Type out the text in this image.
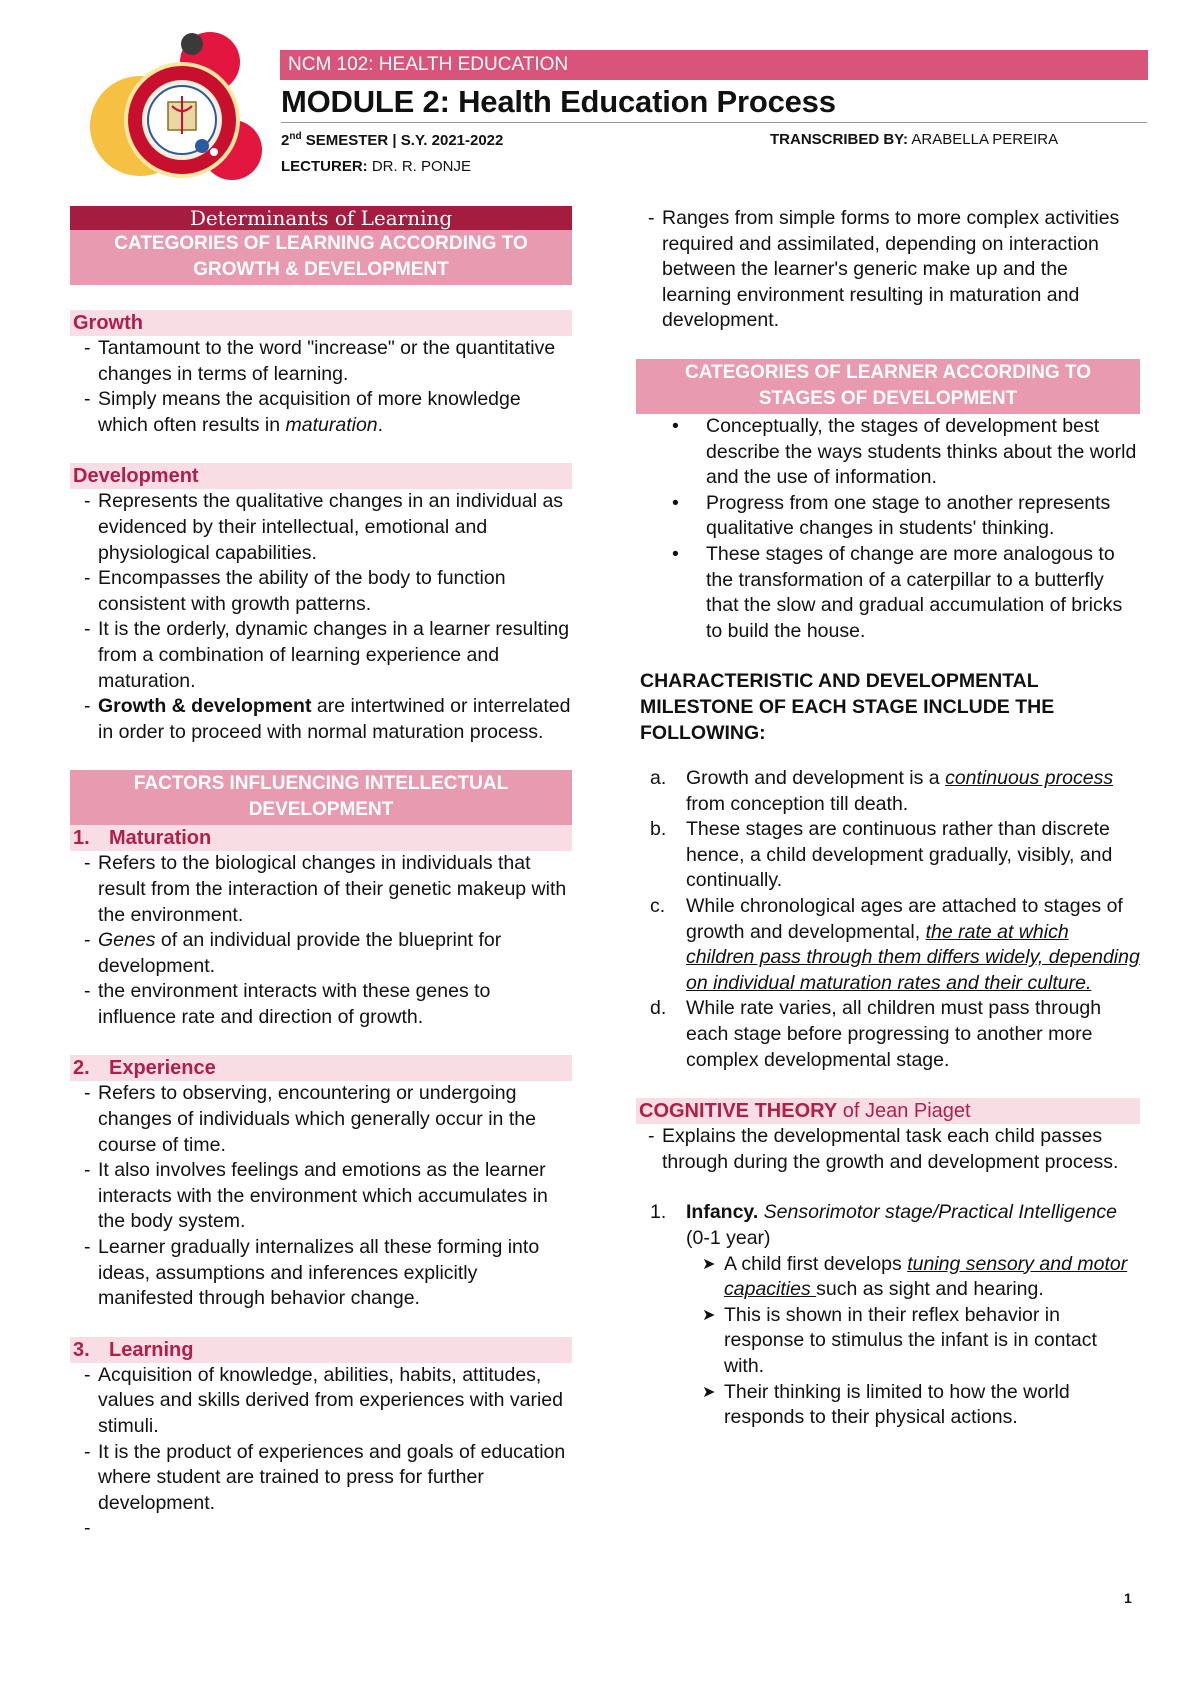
NCM 102: HEALTH EDUCATION
MODULE 2: Health Education Process
2nd SEMESTER | S.Y. 2021-2022	TRANSCRIBED BY: ARABELLA PEREIRA
LECTURER: DR. R. PONJE
Determinants of Learning
CATEGORIES OF LEARNING ACCORDING TO GROWTH & DEVELOPMENT
Growth
- Tantamount to the word "increase" or the quantitative changes in terms of learning.
- Simply means the acquisition of more knowledge which often results in maturation.
Development
- Represents the qualitative changes in an individual as evidenced by their intellectual, emotional and physiological capabilities.
- Encompasses the ability of the body to function consistent with growth patterns.
- It is the orderly, dynamic changes in a learner resulting from a combination of learning experience and maturation.
- Growth & development are intertwined or interrelated in order to proceed with normal maturation process.
FACTORS INFLUENCING INTELLECTUAL DEVELOPMENT
1. Maturation
- Refers to the biological changes in individuals that result from the interaction of their genetic makeup with the environment.
- Genes of an individual provide the blueprint for development.
- the environment interacts with these genes to influence rate and direction of growth.
2. Experience
- Refers to observing, encountering or undergoing changes of individuals which generally occur in the course of time.
- It also involves feelings and emotions as the learner interacts with the environment which accumulates in the body system.
- Learner gradually internalizes all these forming into ideas, assumptions and inferences explicitly manifested through behavior change.
3. Learning
- Acquisition of knowledge, abilities, habits, attitudes, values and skills derived from experiences with varied stimuli.
- It is the product of experiences and goals of education where student are trained to press for further development.
-
- Ranges from simple forms to more complex activities required and assimilated, depending on interaction between the learner's generic make up and the learning environment resulting in maturation and development.
CATEGORIES OF LEARNER ACCORDING TO STAGES OF DEVELOPMENT
• Conceptually, the stages of development best describe the ways students thinks about the world and the use of information.
• Progress from one stage to another represents qualitative changes in students' thinking.
• These stages of change are more analogous to the transformation of a caterpillar to a butterfly that the slow and gradual accumulation of bricks to build the house.
CHARACTERISTIC AND DEVELOPMENTAL MILESTONE OF EACH STAGE INCLUDE THE FOLLOWING:
a. Growth and development is a continuous process from conception till death.
b. These stages are continuous rather than discrete hence, a child development gradually, visibly, and continually.
c. While chronological ages are attached to stages of growth and developmental, the rate at which children pass through them differs widely, depending on individual maturation rates and their culture.
d. While rate varies, all children must pass through each stage before progressing to another more complex developmental stage.
COGNITIVE THEORY of Jean Piaget
- Explains the developmental task each child passes through during the growth and development process.
1. Infancy. Sensorimotor stage/Practical Intelligence (0-1 year)
➤ A child first develops tuning sensory and motor capacities such as sight and hearing.
➤ This is shown in their reflex behavior in response to stimulus the infant is in contact with.
➤ Their thinking is limited to how the world responds to their physical actions.
1
